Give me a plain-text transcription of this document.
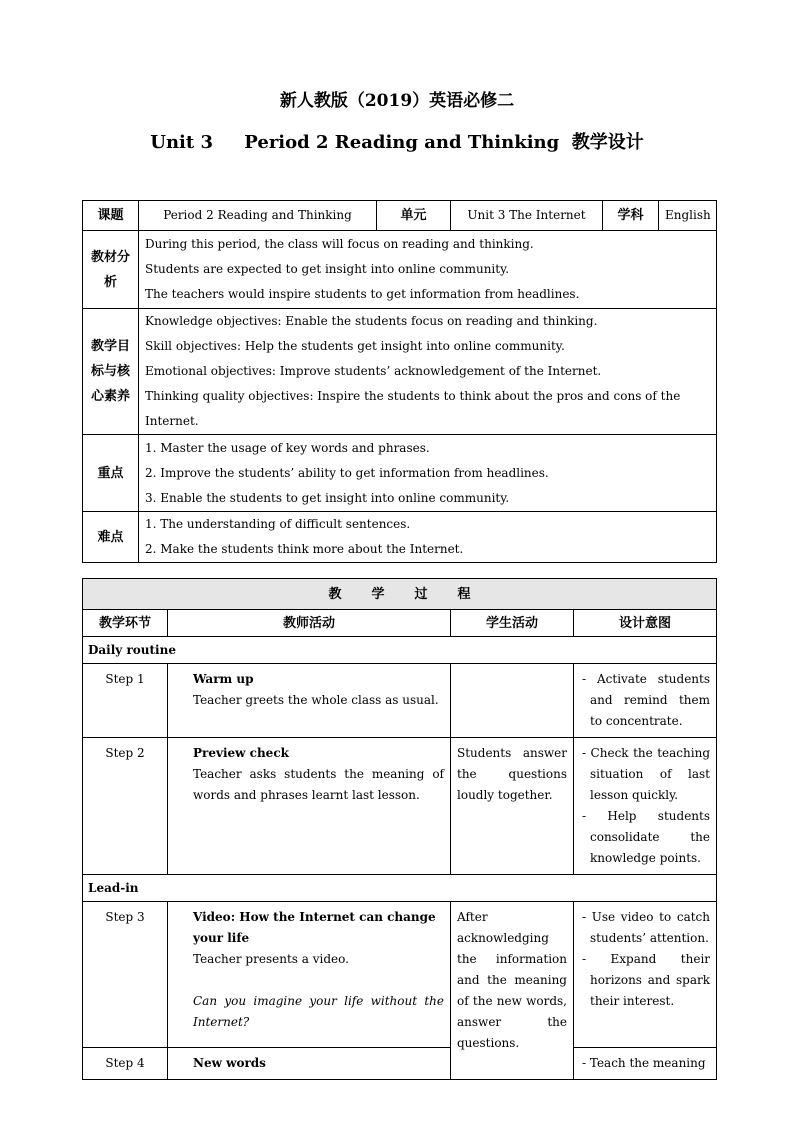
新人教版（2019）英语必修二
Unit 3     Period 2 Reading and Thinking  教学设计
课题	Period 2 Reading and Thinking	单元	Unit 3 The Internet	学科	English

教材分析	During this period, the class will focus on reading and thinking.
Students are expected to get insight into online community.
The teachers would inspire students to get information from headlines.				

教学目标与核心素养	Knowledge objectives: Enable the students focus on reading and thinking.
Skill objectives: Help the students get insight into online community.
Emotional objectives: Improve students’ acknowledgement of the Internet.
Thinking quality objectives: Inspire the students to think about the pros and cons of the Internet.				

重点	1. Master the usage of key words and phrases.
2. Improve the students’ ability to get information from headlines.
3. Enable the students to get insight into online community.				

难点	1. The understanding of difficult sentences.
2. Make the students think more about the Internet.				
教学过程			
教学环节	教师活动	学生活动	设计意图
Daily routine			
Step 1	Warm up
Teacher greets the whole class as usual.		- Activate students and remind them to concentrate.

Step 2	Preview check
Teacher asks students the meaning of words and phrases learnt last lesson.	Students answer the questions loudly together.	- Check the teaching situation of last lesson quickly.
- Help students consolidate the knowledge points.

Lead-in			
Step 3	Video: How the Internet can change your life
Teacher presents a video.
Can you imagine your life without the Internet?	After acknowledging the information and the meaning of the new words, answer the questions.	- Use video to catch students’ attention.
- Expand their horizons and spark their interest.

Step 4	New words		- Teach the meaning
